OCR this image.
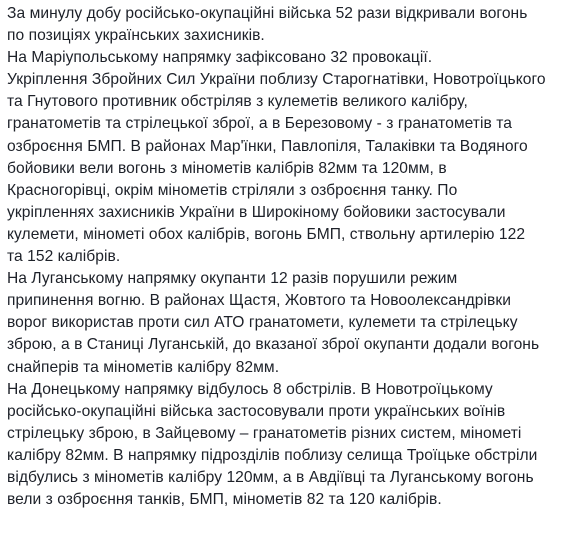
За минулу добу російсько-окупаційні війська 52 рази відкривали вогонь
по позиціях українських захисників.

На Маріупольському напрямку зафіксовано 32 провокації.

Укріплення Збройних Сил України поблизу Старогнатівки, Новотроїцького
та Гнутового противник обстріляв з кулеметів великого калібру,
гранатометів та стрілецької зброї, а в Березовому - з гранатометів та
озброєння БМП. В районах Мар'їнки, Павлопіля, Талаківки та Водяного
бойовики вели вогонь з мінометів калібрів 82мм та 120мм, в
Красногорівці, окрім мінометів стріляли з озброєння танку. По
укріпленнях захисників України в Широкіному бойовики застосували
кулемети, мінометі обох калібрів, вогонь БМП, ствольну артилерію 122
та 152 калібрів.

На Луганському напрямку окупанти 12 разів порушили режим
припинення вогню. В районах Щастя, Жовтого та Новоолександрівки
ворог використав проти сил АТО гранатомети, кулемети та стрілецьку
зброю, а в Станиці Луганській, до вказаної зброї окупанти додали вогонь
снайперів та мінометів калібру 82мм.

На Донецькому напрямку відбулось 8 обстрілів. В Новотроїцькому
російсько-окупаційні війська застосовували проти українських воїнів
стрілецьку зброю, в Зайцевому – гранатометів різних систем, мінометі
калібру 82мм. В напрямку підрозділів поблизу селища Троїцьке обстріли
відбулись з мінометів калібру 120мм, а в Авдіївці та Луганському вогонь
вели з озброєння танків, БМП, мінометів 82 та 120 калібрів.
